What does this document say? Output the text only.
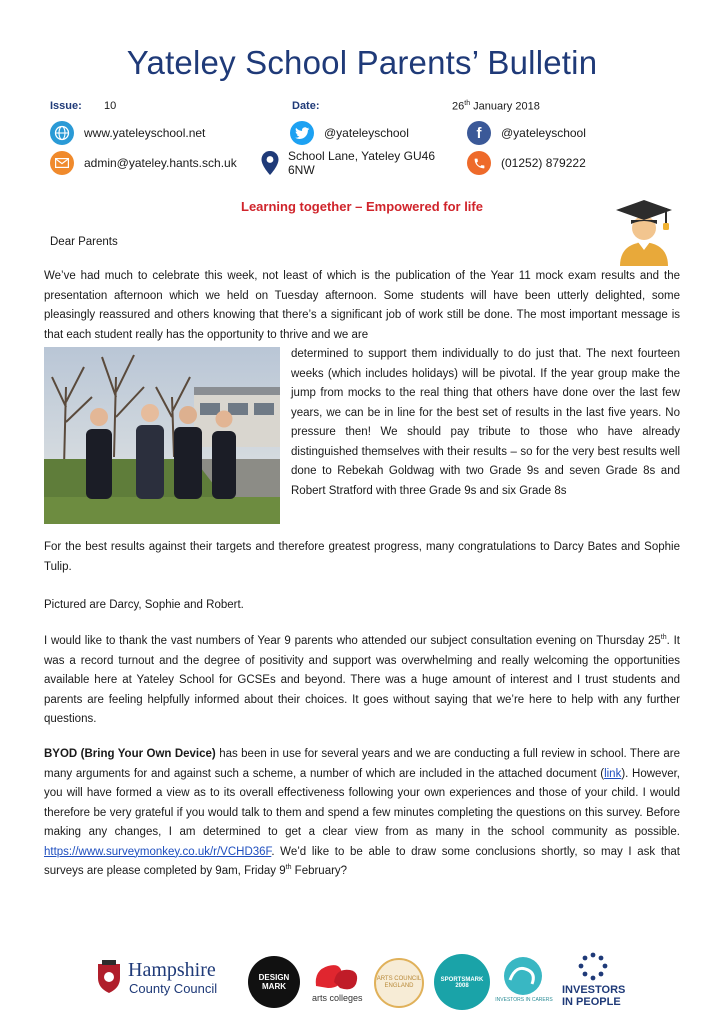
Yateley School Parents’ Bulletin
Issue: 10	Date:	26th January 2018
www.yateleyschool.net	@yateleyschool	f	@yateleyschool
admin@yateley.hants.sch.uk	School Lane, Yateley GU46 6NW	(01252) 879222
Learning together – Empowered for life

Dear Parents

We’ve had much to celebrate this week, not least of which is the publication of the Year 11 mock exam results and the presentation afternoon which we held on Tuesday afternoon. Some students will have been utterly delighted, some pleasingly reassured and others knowing that there’s a significant job of work still be done. The most important message is that each student really has the opportunity to thrive and we are

determined to support them individually to do just that. The next fourteen weeks (which includes holidays) will be pivotal. If the year group make the jump from mocks to the real thing that others have done over the last few years, we can be in line for the best set of results in the last five years. No pressure then! We should pay tribute to those who have already distinguished themselves with their results – so for the very best results well done to Rebekah Goldwag with two Grade 9s and seven Grade 8s and Robert Stratford with three Grade 9s and six Grade 8s

For the best results against their targets and therefore greatest progress, many congratulations to Darcy Bates and Sophie Tulip.

Pictured are Darcy, Sophie and Robert.

I would like to thank the vast numbers of Year 9 parents who attended our subject consultation evening on Thursday 25th. It was a record turnout and the degree of positivity and support was overwhelming and really welcoming the opportunities available here at Yateley School for GCSEs and beyond. There was a huge amount of interest and I trust students and parents are feeling helpfully informed about their choices. It goes without saying that we’re here to help with any further questions.

BYOD (Bring Your Own Device) has been in use for several years and we are conducting a full review in school. There are many arguments for and against such a scheme, a number of which are included in the attached document (link). However, you will have formed a view as to its overall effectiveness following your own experiences and those of your child. I would therefore be very grateful if you would talk to them and spend a few minutes completing the questions on this survey. Before making any changes, I am determined to get a clear view from as many in the school community as possible. https://www.surveymonkey.co.uk/r/VCHD36F. We’d like to be able to draw some conclusions shortly, so may I ask that surveys are please completed by 9am, Friday 9th February?

Hampshire
County Council
DESIGN MARK
arts colleges
ARTS COUNCIL ENGLAND
SPORTSMARK 2008
INVESTORS IN CARERS
INVESTORS
IN PEOPLE
